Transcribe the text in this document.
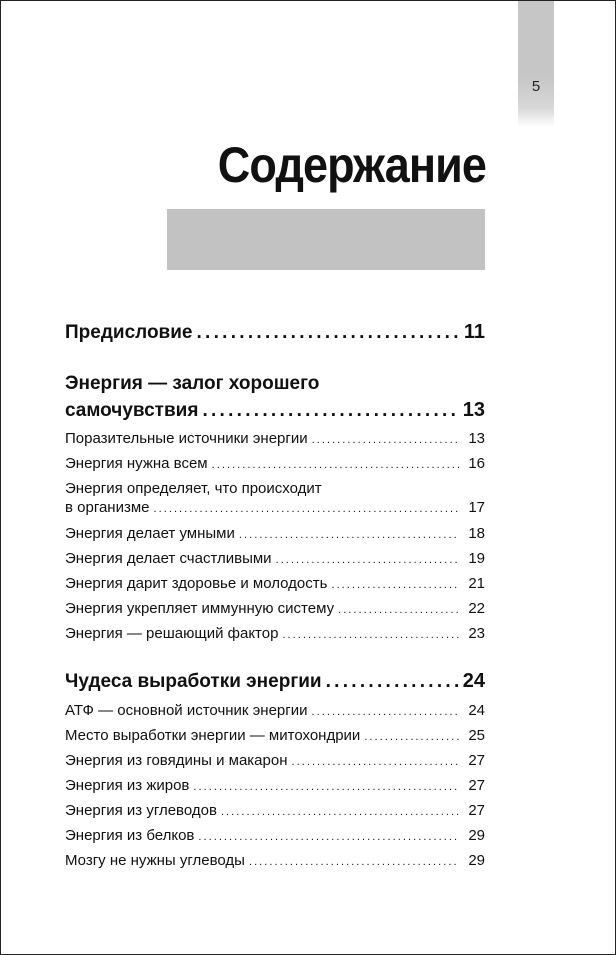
5
Содержание
Предисловие . . .	11
Энергия — залог хорошего
самочувствия . . .	13
Поразительные источники энергии . . .	13
Энергия нужна всем . . .	16
Энергия определяет, что происходит
в организме . . .	17
Энергия делает умными . . .	18
Энергия делает счастливыми . . .	19
Энергия дарит здоровье и молодость . . .	21
Энергия укрепляет иммунную систему . . .	22
Энергия — решающий фактор . . .	23
Чудеса выработки энергии . . .	24
АТФ — основной источник энергии . . .	24
Место выработки энергии — митохондрии . . .	25
Энергия из говядины и макарон . . .	27
Энергия из жиров . . .	27
Энергия из углеводов . . .	27
Энергия из белков . . .	29
Мозгу не нужны углеводы . . .	29
